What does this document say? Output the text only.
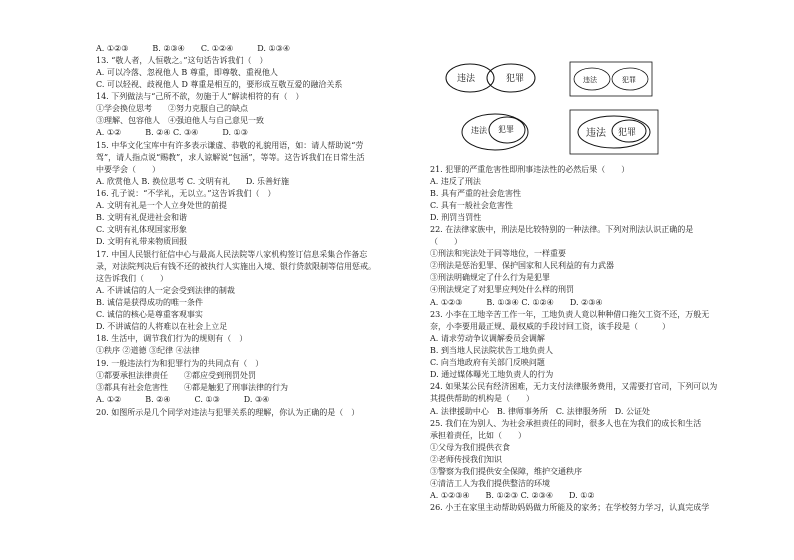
A. ①②③　　　B. ②③④　　C. ①②④　　　D. ①③④
13. “敬人者，人恒敬之。”这句话告诉我们（　）
A. 可以冷落、忽视他人 B 尊重，即尊敬、重视他人
C. 可以轻视、歧视他人 D 尊重是相互的，要形成互敬互爱的融洽关系
14. 下列做法与“己所不欲，勿施于人”解读相符的有（　）
①学会换位思考　　②努力克服自己的缺点
③理解、包容他人　④强迫他人与自己意见一致
A. ①②　　　B. ②④ C. ③④　　　D. ①③
15. 中华文化宝库中有许多表示谦虚、恭敬的礼貌用语，如：请人帮助说“劳
驾”，请人指点说“赐教”，求人谅解说“包涵”，等等。这告诉我们在日常生活
中要学会（　　）
A. 欣赏他人 B. 换位思考 C. 文明有礼　　D. 乐善好施
16. 孔子说：“不学礼，无以立。”这告诉我们（　）
A. 文明有礼是一个人立身处世的前提
B. 文明有礼促进社会和谐
C. 文明有礼体现国家形象
D. 文明有礼带来物质回报
17. 中国人民银行征信中心与最高人民法院等八家机构签订信息采集合作备忘
录，对法院判决后有钱不还的被执行人实施出入境、银行贷款限制等信用惩戒。
这告诉我们（　　）
A. 不讲诚信的人一定会受到法律的制裁
B. 诚信是获得成功的唯一条件
C. 诚信的核心是尊重客观事实
D. 不讲诚信的人将难以在社会上立足
18. 生活中，调节我们行为的规则有（　）
①秩序 ②道德 ③纪律 ④法律
19. 一般违法行为和犯罪行为的共同点有（　）
①都要承担法律责任　　②都应受到刑罚处罚
③都具有社会危害性　　④都是触犯了刑事法律的行为
A. ①②　　　B. ②④　　　C. ①③　　　D. ③④
20. 如图所示是几个同学对违法与犯罪关系的理解，你认为正确的是（　）
违法	犯罪	违法	犯罪
违法 犯罪	违法 犯罪
21. 犯罪的严重危害性即刑事违法性的必然后果（　　）
A. 违反了刑法
B. 具有严重的社会危害性
C. 具有一般社会危害性
D. 刑罚当罚性
22. 在法律家族中，刑法是比较特别的一种法律。下列对刑法认识正确的是
（　　）
①刑法和宪法处于同等地位，一样重要
②刑法是惩治犯罪、保护国家和人民利益的有力武器
③刑法明确规定了什么行为是犯罪
④刑法规定了对犯罪应判处什么样的刑罚
A. ①②③　　　B. ①③④ C. ①②④　　D. ②③④
23. 小李在工地辛苦工作一年，工地负责人竟以种种借口拖欠工资不还，万般无
奈，小李要用最正规、最权威的手段讨回工资，该手段是（　　　）
A. 请求劳动争议调解委员会调解
B. 到当地人民法院状告工地负责人
C. 向当地政府有关部门反映问题
D. 通过媒体曝光工地负责人的行为
24. 如果某公民有经济困难，无力支付法律服务费用，又需要打官司，下列可以为
其提供帮助的机构是（　　）
A. 法律援助中心　B. 律师事务所　C. 法律服务所　D. 公证处
25. 我们在为别人、为社会承担责任的同时，很多人也在为我们的成长和生活
承担着责任，比如（　　）
①父母为我们提供衣食
②老师传授我们知识
③警察为我们提供安全保障，维护交通秩序
④清洁工人为我们提供整洁的环境
A. ①②③④　　B. ①②③ C. ②③④　　D. ①②
26. 小王在家里主动帮助妈妈做力所能及的家务；在学校努力学习，认真完成学
